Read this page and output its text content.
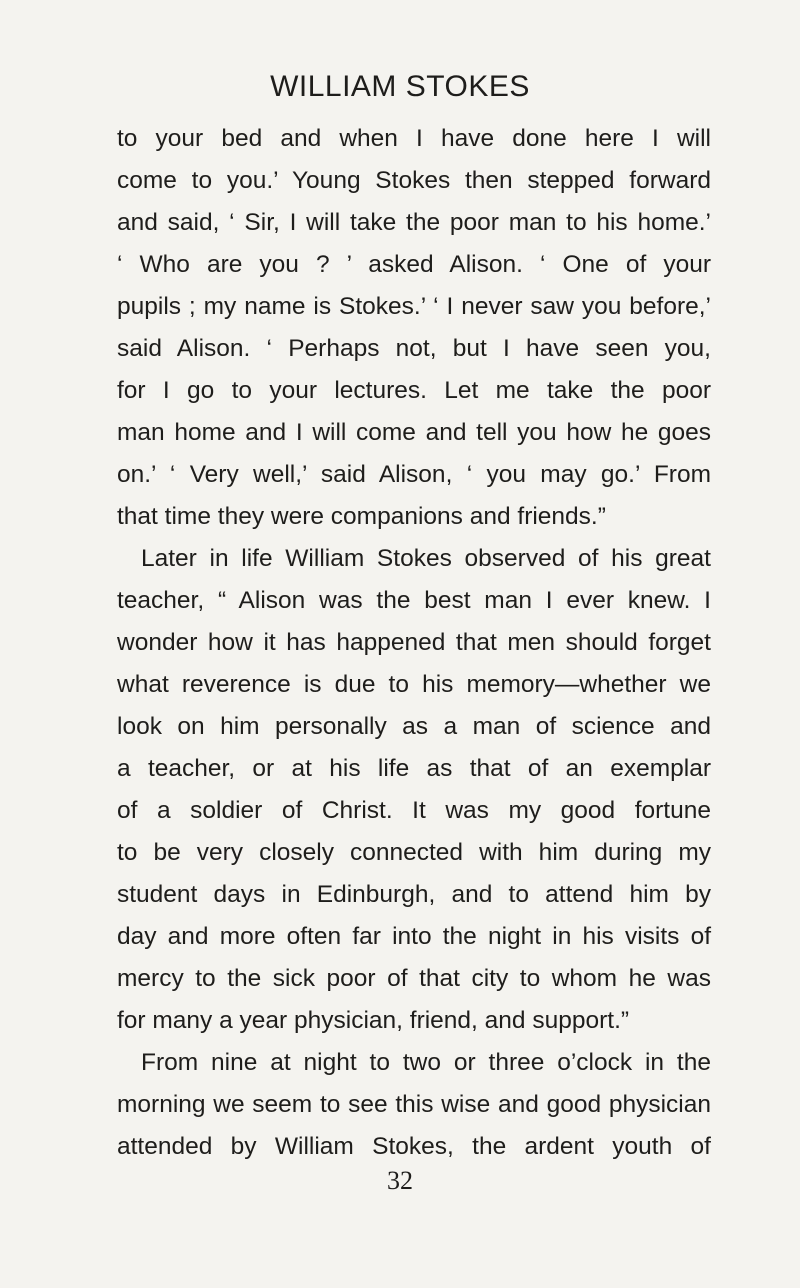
WILLIAM STOKES
to your bed and when I have done here I will
come to you.’ Young Stokes then stepped forward
and said, ‘ Sir, I will take the poor man to his home.’
‘ Who are you ? ’ asked Alison. ‘ One of your
pupils ; my name is Stokes.’ ‘ I never saw you before,’
said Alison. ‘ Perhaps not, but I have seen you,
for I go to your lectures. Let me take the poor
man home and I will come and tell you how he goes
on.’ ‘ Very well,’ said Alison, ‘ you may go.’ From
that time they were companions and friends.”
Later in life William Stokes observed of his great
teacher, “ Alison was the best man I ever knew. I
wonder how it has happened that men should forget
what reverence is due to his memory—whether we
look on him personally as a man of science and
a teacher, or at his life as that of an exemplar
of a soldier of Christ. It was my good fortune
to be very closely connected with him during my
student days in Edinburgh, and to attend him by
day and more often far into the night in his visits of
mercy to the sick poor of that city to whom he was
for many a year physician, friend, and support.”
From nine at night to two or three o’clock in the
morning we seem to see this wise and good physician
attended by William Stokes, the ardent youth of
32
